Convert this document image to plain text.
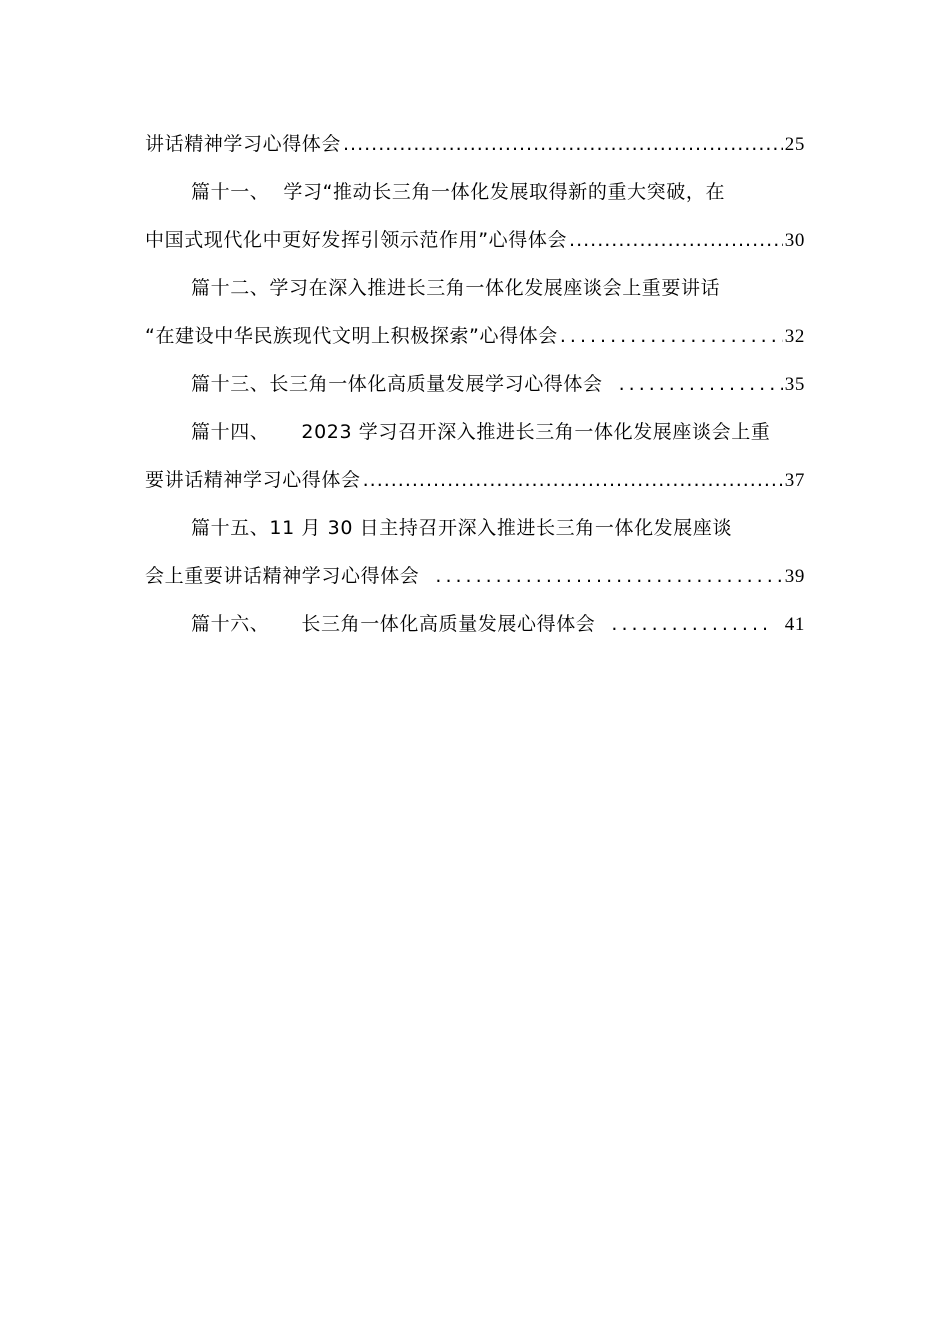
讲话精神学习心得体会 .....	25
篇十一、 学习“推动长三角一体化发展取得新的重大突破，在
中国式现代化中更好发挥引领示范作用”心得体会 .....	30
篇十二、学习在深入推进长三角一体化发展座谈会上重要讲话
“在建设中华民族现代文明上积极探索”心得体会 .....	32
篇十三、长三角一体化高质量发展学习心得体会 .....	35
篇十四、 2023 学习召开深入推进长三角一体化发展座谈会上重
要讲话精神学习心得体会 .....	37
篇十五、11 月 30 日主持召开深入推进长三角一体化发展座谈
会上重要讲话精神学习心得体会 .....	39
篇十六、 长三角一体化高质量发展心得体会 .....	41
